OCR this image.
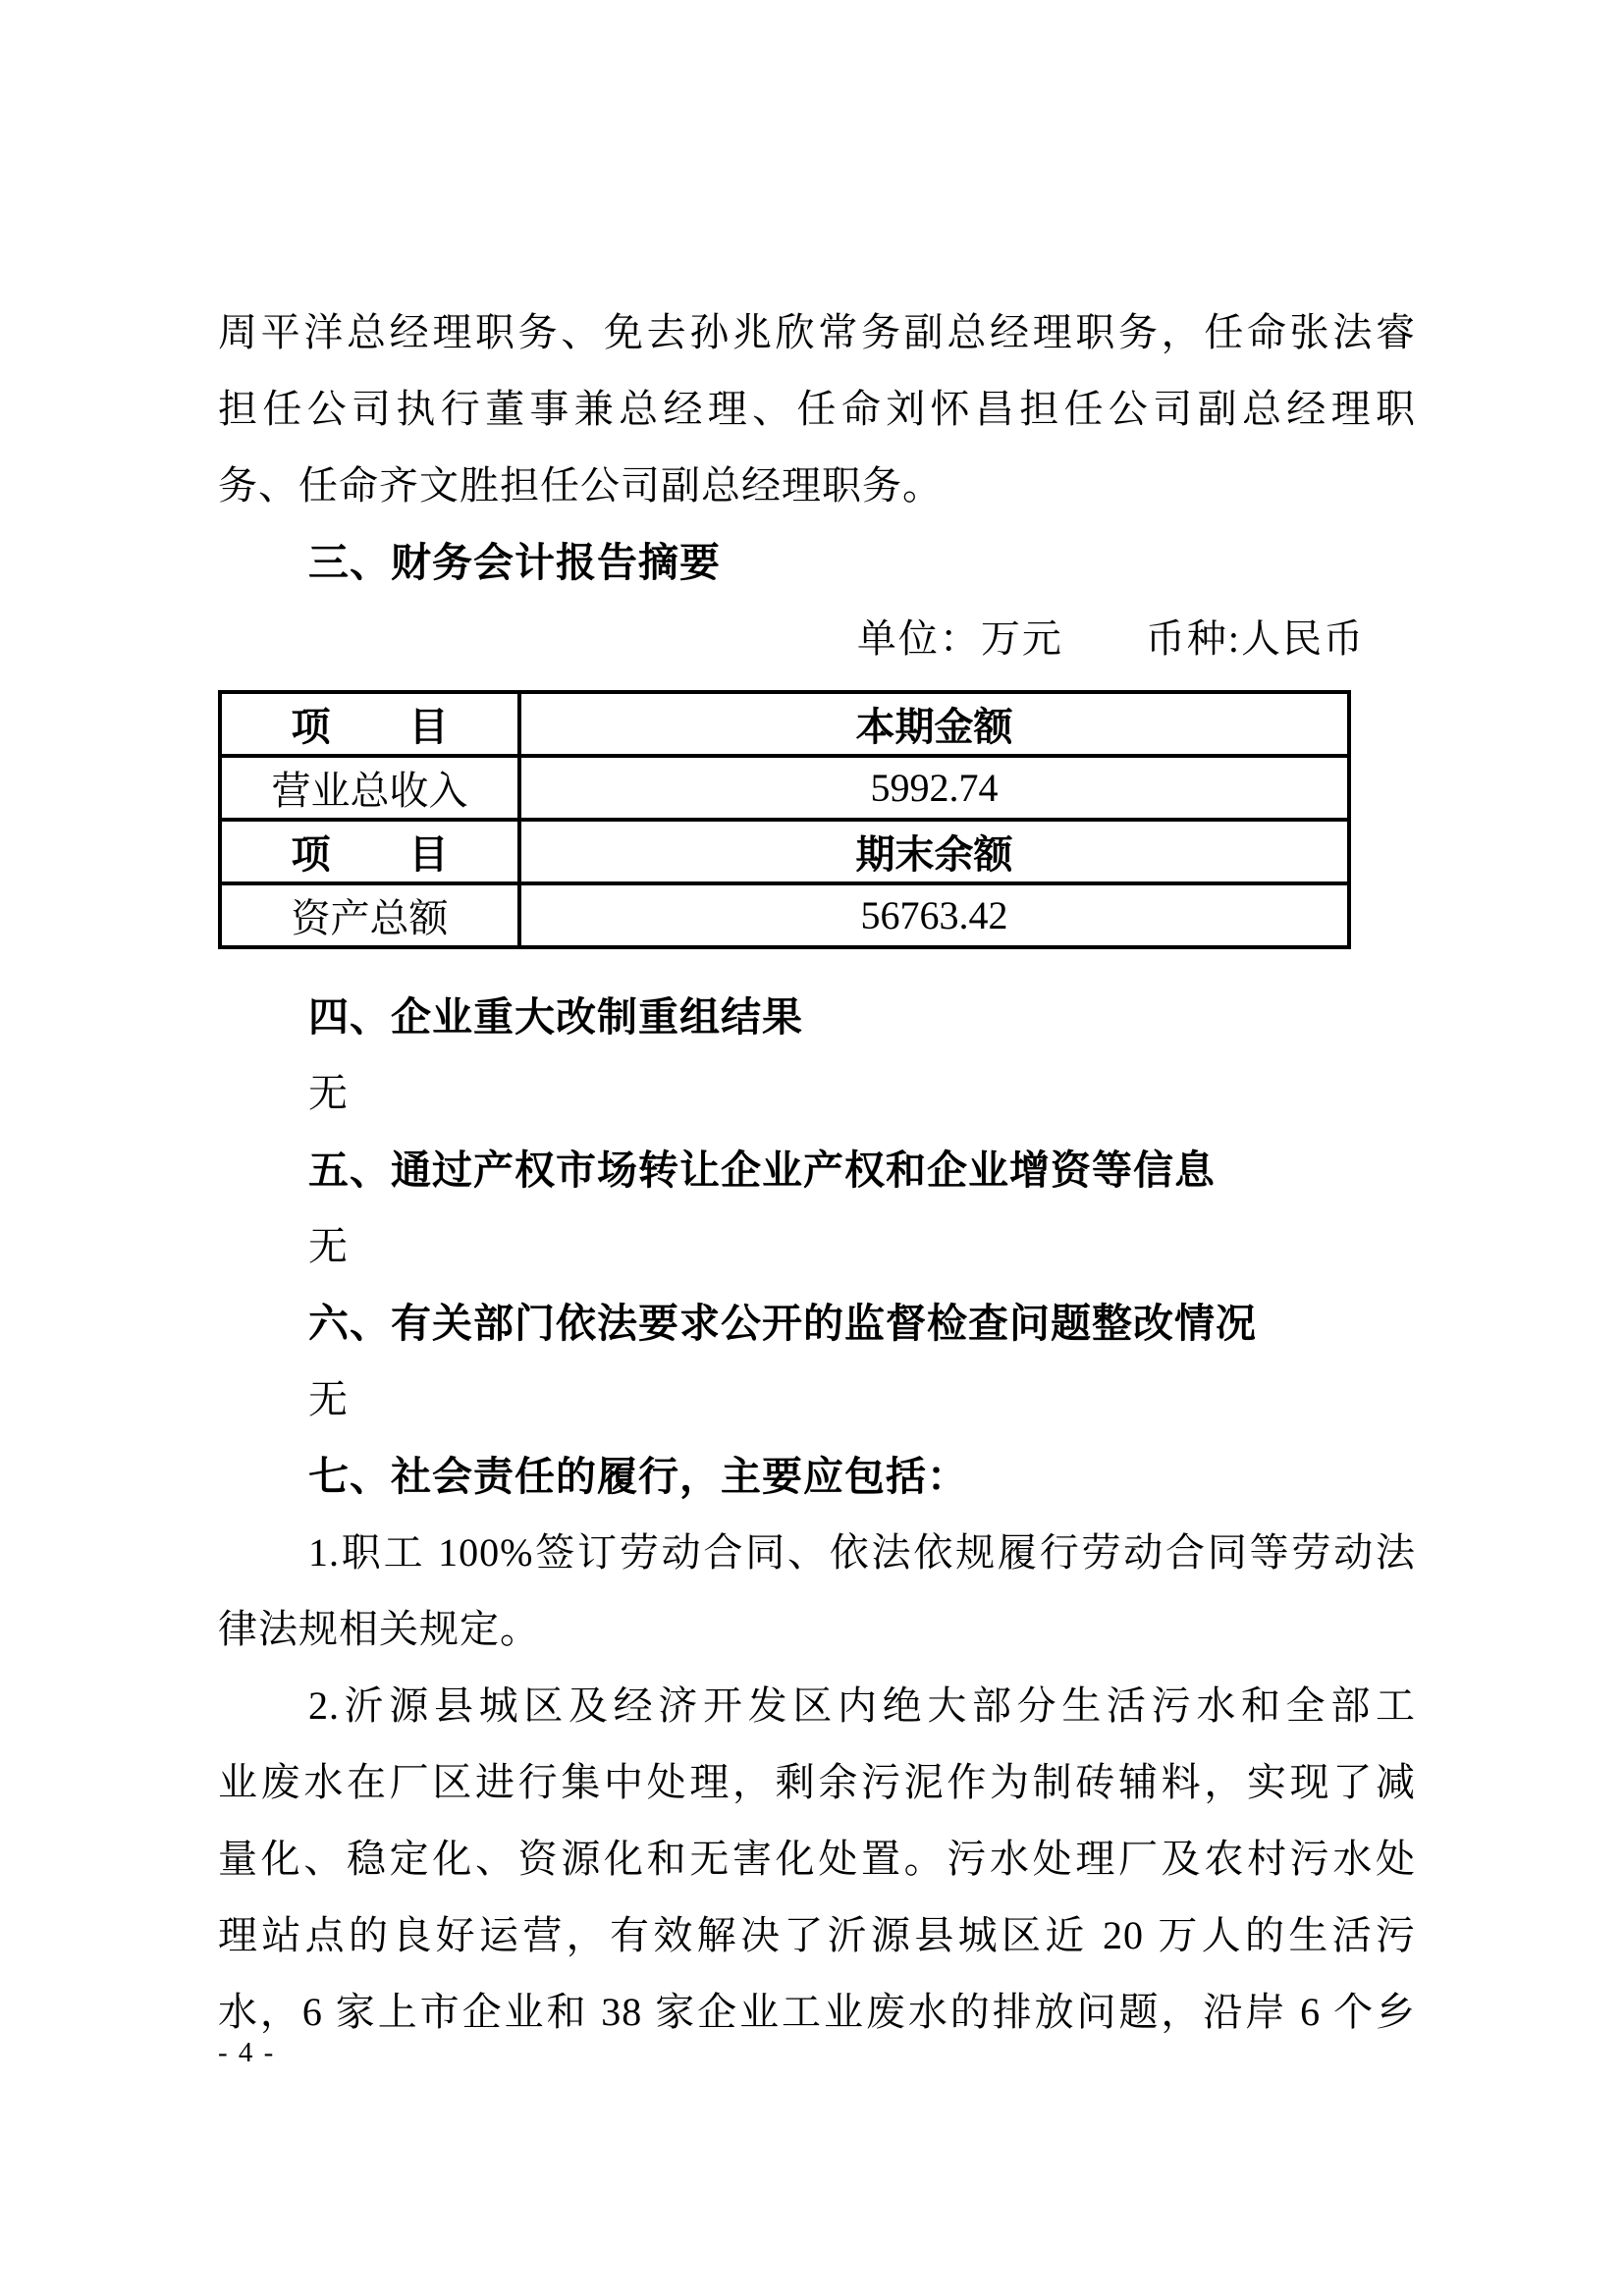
周平洋总经理职务、免去孙兆欣常务副总经理职务，任命张法睿
担任公司执行董事兼总经理、任命刘怀昌担任公司副总经理职
务、任命齐文胜担任公司副总经理职务。
三、财务会计报告摘要
单位：万元　　币种:人民币
项　　目	本期金额
营业总收入	5992.74
项　　目	期末余额
资产总额	56763.42
四、企业重大改制重组结果
无
五、通过产权市场转让企业产权和企业增资等信息
无
六、有关部门依法要求公开的监督检查问题整改情况
无
七、社会责任的履行，主要应包括：
1.职工 100%签订劳动合同、依法依规履行劳动合同等劳动法
律法规相关规定。
2.沂源县城区及经济开发区内绝大部分生活污水和全部工
业废水在厂区进行集中处理，剩余污泥作为制砖辅料，实现了减
量化、稳定化、资源化和无害化处置。污水处理厂及农村污水处
理站点的良好运营，有效解决了沂源县城区近 20 万人的生活污
水，6 家上市企业和 38 家企业工业废水的排放问题，沿岸 6 个乡
- 4 -
